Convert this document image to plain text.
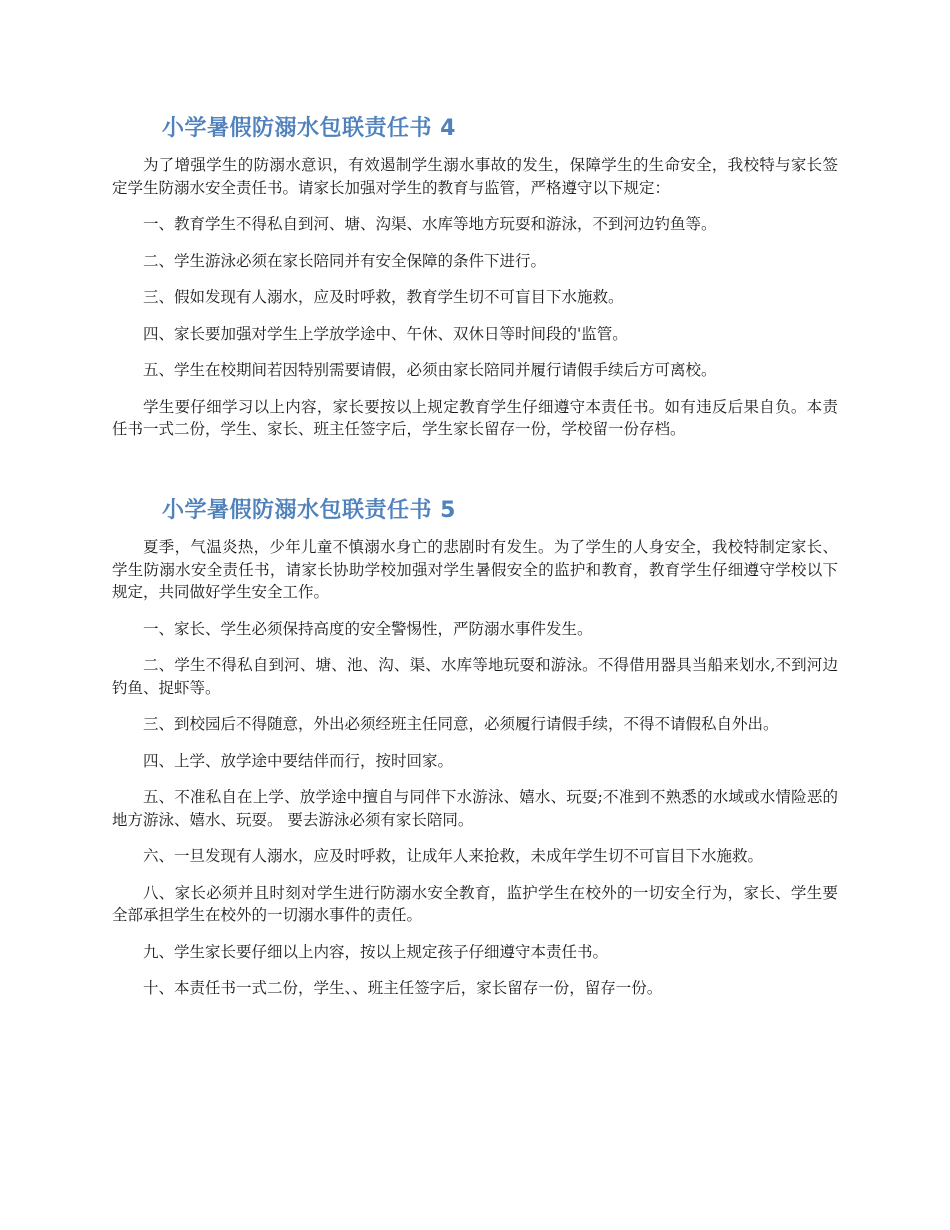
小学暑假防溺水包联责任书 4

为了增强学生的防溺水意识，有效遏制学生溺水事故的发生，保障学生的生命安全，我校特与家长签定学生防溺水安全责任书。请家长加强对学生的教育与监管，严格遵守以下规定：

一、教育学生不得私自到河、塘、沟渠、水库等地方玩耍和游泳，不到河边钓鱼等。

二、学生游泳必须在家长陪同并有安全保障的条件下进行。

三、假如发现有人溺水，应及时呼救，教育学生切不可盲目下水施救。

四、家长要加强对学生上学放学途中、午休、双休日等时间段的'监管。

五、学生在校期间若因特别需要请假，必须由家长陪同并履行请假手续后方可离校。

学生要仔细学习以上内容，家长要按以上规定教育学生仔细遵守本责任书。如有违反后果自负。本责任书一式二份，学生、家长、班主任签字后，学生家长留存一份，学校留一份存档。

小学暑假防溺水包联责任书 5

夏季，气温炎热，少年儿童不慎溺水身亡的悲剧时有发生。为了学生的人身安全，我校特制定家长、学生防溺水安全责任书，请家长协助学校加强对学生暑假安全的监护和教育，教育学生仔细遵守学校以下规定，共同做好学生安全工作。

一、家长、学生必须保持高度的安全警惕性，严防溺水事件发生。

二、学生不得私自到河、塘、池、沟、渠、水库等地玩耍和游泳。不得借用器具当船来划水,不到河边钓鱼、捉虾等。

三、到校园后不得随意，外出必须经班主任同意，必须履行请假手续，不得不请假私自外出。

四、上学、放学途中要结伴而行，按时回家。

五、不准私自在上学、放学途中擅自与同伴下水游泳、嬉水、玩耍;不准到不熟悉的水域或水情险恶的地方游泳、嬉水、玩耍。 要去游泳必须有家长陪同。

六、一旦发现有人溺水，应及时呼救，让成年人来抢救，未成年学生切不可盲目下水施救。

八、家长必须并且时刻对学生进行防溺水安全教育，监护学生在校外的一切安全行为，家长、学生要全部承担学生在校外的一切溺水事件的责任。

九、学生家长要仔细以上内容，按以上规定孩子仔细遵守本责任书。

十、本责任书一式二份，学生、、班主任签字后，家长留存一份，留存一份。
